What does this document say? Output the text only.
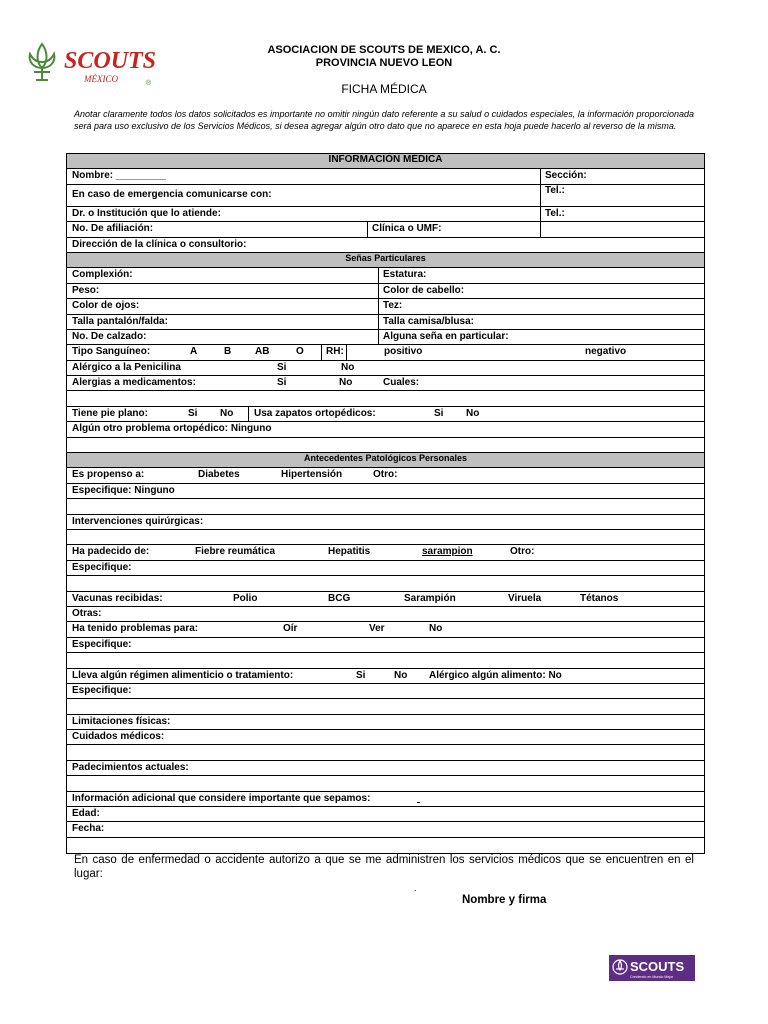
SCOUTS
MÉXICO	®
ASOCIACION DE SCOUTS DE MEXICO, A. C.
PROVINCIA NUEVO LEON
FICHA MÉDICA
Anotar claramente todos los datos solicitados es importante no omitir ningún dato referente a su salud o cuidados especiales, la información proporcionada será para uso exclusivo de los Servicios Médicos, si desea agregar algún otro dato que no aparece en esta hoja puede hacerlo al reverso de la misma.
INFORMACIÓN MÉDICA
Nombre: _________	Sección:
En caso de emergencia comunicarse con:	Tel.:
Dr. o Institución que lo atiende:	Tel.:
No. De afiliación:	Clínica o UMF:
Dirección de la clínica o consultorio:
Señas Particulares
Complexión:	Estatura:
Peso:	Color de cabello:
Color de ojos:	Tez:
Talla pantalón/falda:	Talla camisa/blusa:
No. De calzado:	Alguna seña en particular:
Tipo Sanguíneo:	A	B AB	O RH:	positivo	negativo
Alérgico a la Penicilina	Si	No
Alergias a medicamentos:	Si	No	Cuales:
Tiene pie plano:	Si No Usa zapatos ortopédicos:	Si No
Algún otro problema ortopédico: Ninguno
Antecedentes Patológicos Personales
Es propenso a:	Diabetes	Hipertensión	Otro:
Especifique: Ninguno
Intervenciones quirúrgicas:
Ha padecido de:	Fiebre reumática	Hepatitis	sarampion	Otro:
Especifique:
Vacunas recibidas:	Polio	BCG	Sarampión	Viruela	Tétanos
Otras:
Ha tenido problemas para:	Oír	Ver	No
Especifique:
Lleva algún régimen alimenticio o tratamiento:	Si	No Alérgico algún alimento: No
Especifique:
Limitaciones físicas:
Cuidados médicos:
Padecimientos actuales:
Información adicional que considere importante que sepamos:

Edad:
Fecha:
En caso de enfermedad o accidente autorizo a que se me administren los servicios médicos que se encuentren en el lugar:
.
Nombre y firma
SCOUTS
Creciendo en Mundo Mejor
